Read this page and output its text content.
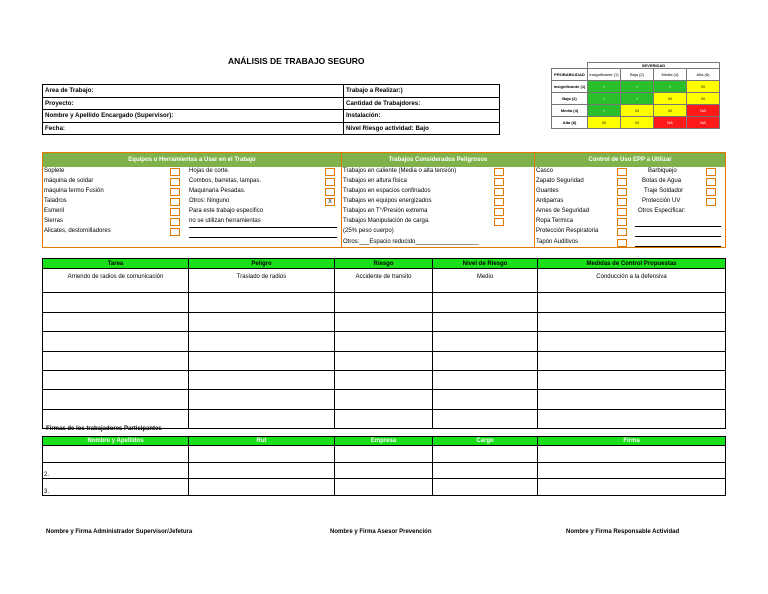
ANÁLISIS DE TRABAJO SEGURO
		SEVERIDAD			
PROBABILIDAD	Insignificante (1)	Baja (2)	Media (4)	Alta (8)
Insignificante (1)	I	I	I	M
Baja (2)	I	I	M	M
Media (4)	I	M	M	NA
Alta (8)	M	M	NA	NA
Area de Trabajo:	Trabajo a Realizar:)
Proyecto:	Cantidad de Trabajdores:
Nombre y Apellido Encargado (Supervisor):	Instalación:
Fecha:	Nivel Riesgo actividad: Bajo
Equipos o Herramientas a Usar en el Trabajo
Soplete
máquina de soldar
máquina termo Fusión
Taladros
Esmeril
Sierras
Alicates, destornilladores
Hojas de corte.
Combos, barretas, lampas.
Maquinaria Pesadas.
Otros: Ninguno
Para este trabajo especifico
no se utilizan herramientas
X
Trabajos Considerados Peligrosos
Trabajos en caliente (Media o alta tensión)
Trabajos en altura física
Trabajos en espacios confinados
Trabajos en equipos energizados
Trabajos en T°/Presión extrema
Trabajos Manipulación de carga.
(25% peso cuerpo)
Otros:___Espacio reducido___________________
Control de Uso EPP a Utilizar
Casco
Zapato Seguridad
Guantes
Antiparras
Arnes de Seguridad
Ropa Termica
Protección Respiratoria
Tapón Auditivos
Barbiquejo
Botas de Agua
Traje Soldador
Protección UV
Otros Especificar:
Tarea	Peligro	Riesgo	Nivel de Riesgo	Medidas de Control Propuestas
Arriendo de radios de comunicación	Traslado de radios	Accidente de transito	Medio	Conducción a la defensiva

Firmas de los trabajadores Participantes
Nombre y Apellidos	Rut	Empresa	Cargo	Firma

2.				
3.				
Nombre y Firma Administrador Supervisor/Jefetura	Nombre y Firma Asesor Prevención	Nombre y Firma Responsable Actividad
